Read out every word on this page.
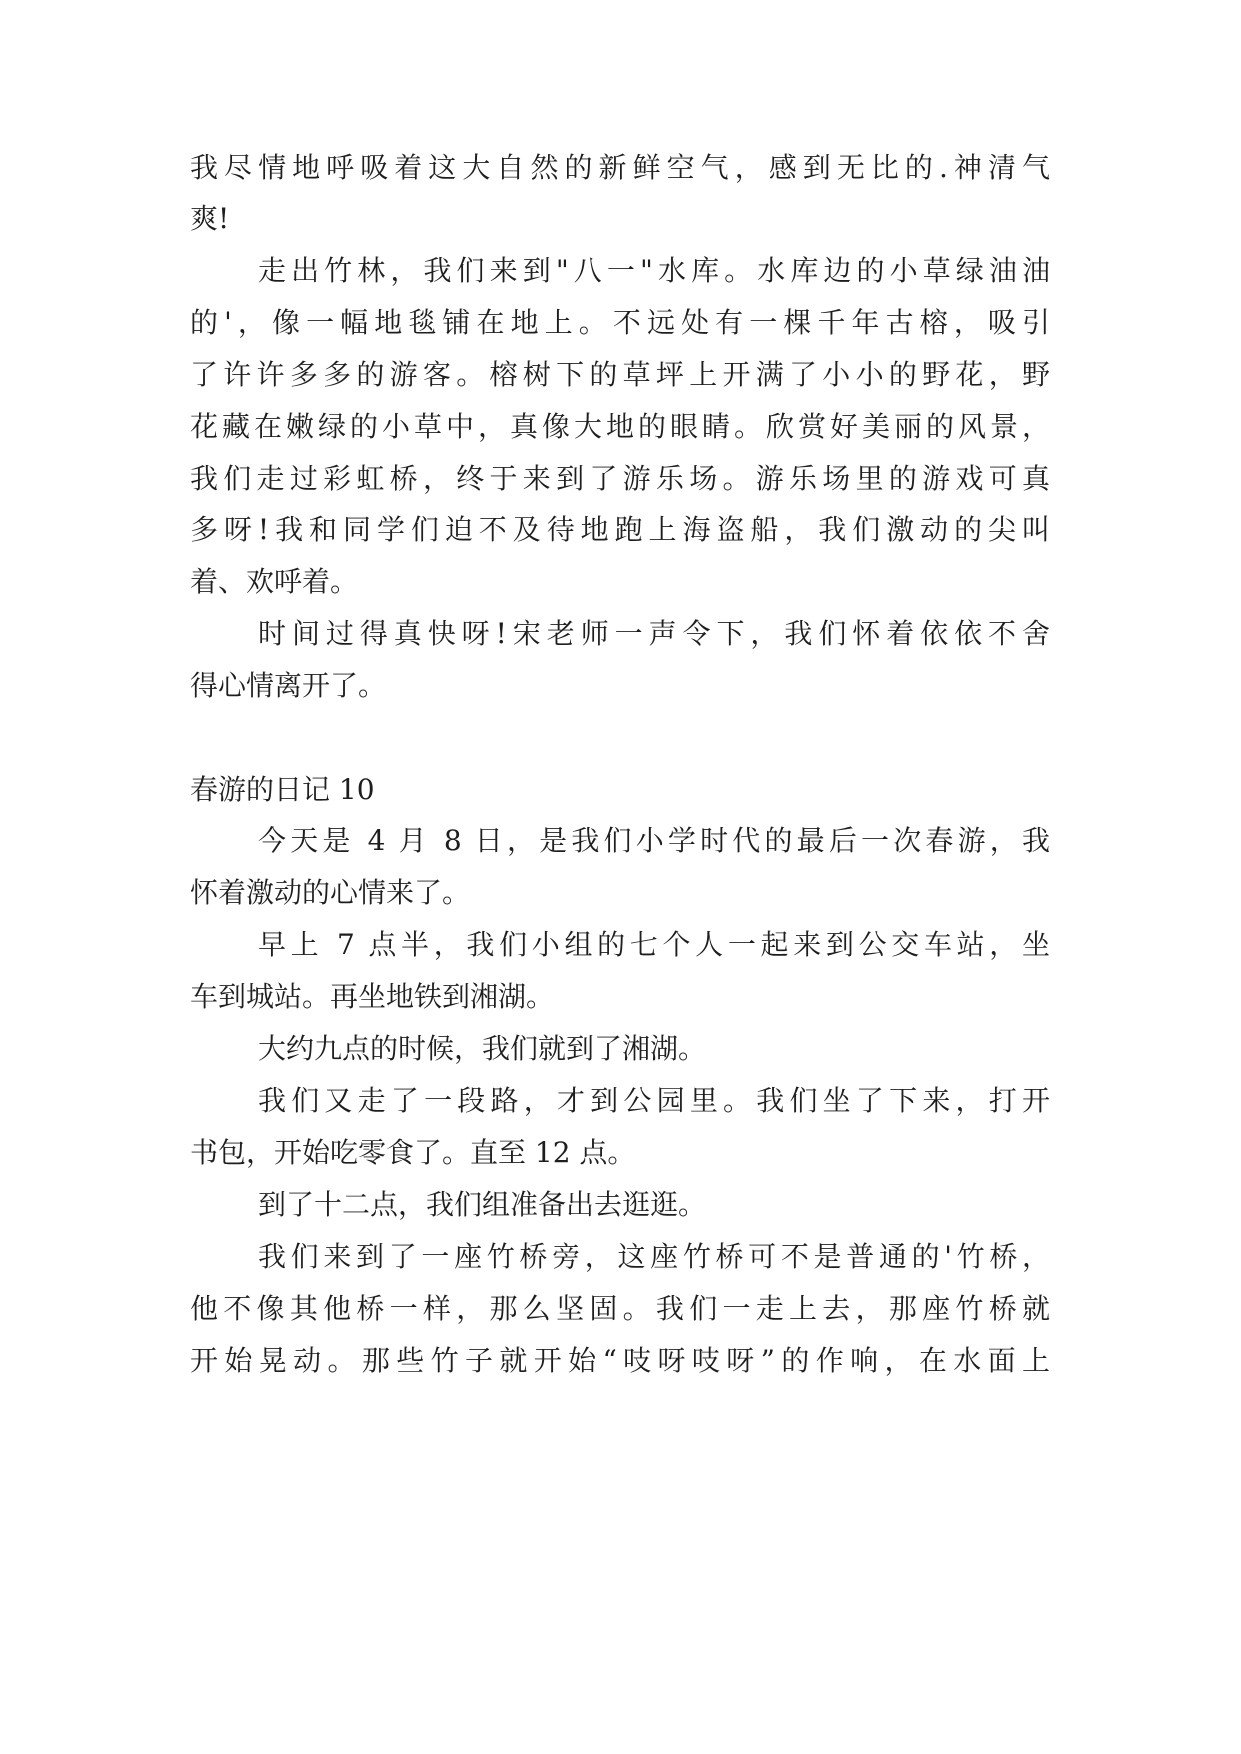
我尽情地呼吸着这大自然的新鲜空气，感到无比的.神清气

爽!

走出竹林，我们来到"八一"水库。水库边的小草绿油油

的'，像一幅地毯铺在地上。不远处有一棵千年古榕，吸引

了许许多多的游客。榕树下的草坪上开满了小小的野花，野

花藏在嫩绿的小草中，真像大地的眼睛。欣赏好美丽的风景，

我们走过彩虹桥，终于来到了游乐场。游乐场里的游戏可真

多呀!我和同学们迫不及待地跑上海盗船，我们激动的尖叫

着、欢呼着。

时间过得真快呀!宋老师一声令下，我们怀着依依不舍

得心情离开了。

春游的日记 10

今天是 4 月 8 日，是我们小学时代的最后一次春游，我

怀着激动的心情来了。

早上 7 点半，我们小组的七个人一起来到公交车站，坐

车到城站。再坐地铁到湘湖。

大约九点的时候，我们就到了湘湖。

我们又走了一段路，才到公园里。我们坐了下来，打开

书包，开始吃零食了。直至 12 点。

到了十二点，我们组准备出去逛逛。

我们来到了一座竹桥旁，这座竹桥可不是普通的'竹桥，

他不像其他桥一样，那么坚固。我们一走上去，那座竹桥就

开始晃动。那些竹子就开始“吱呀吱呀”的作响，在水面上
